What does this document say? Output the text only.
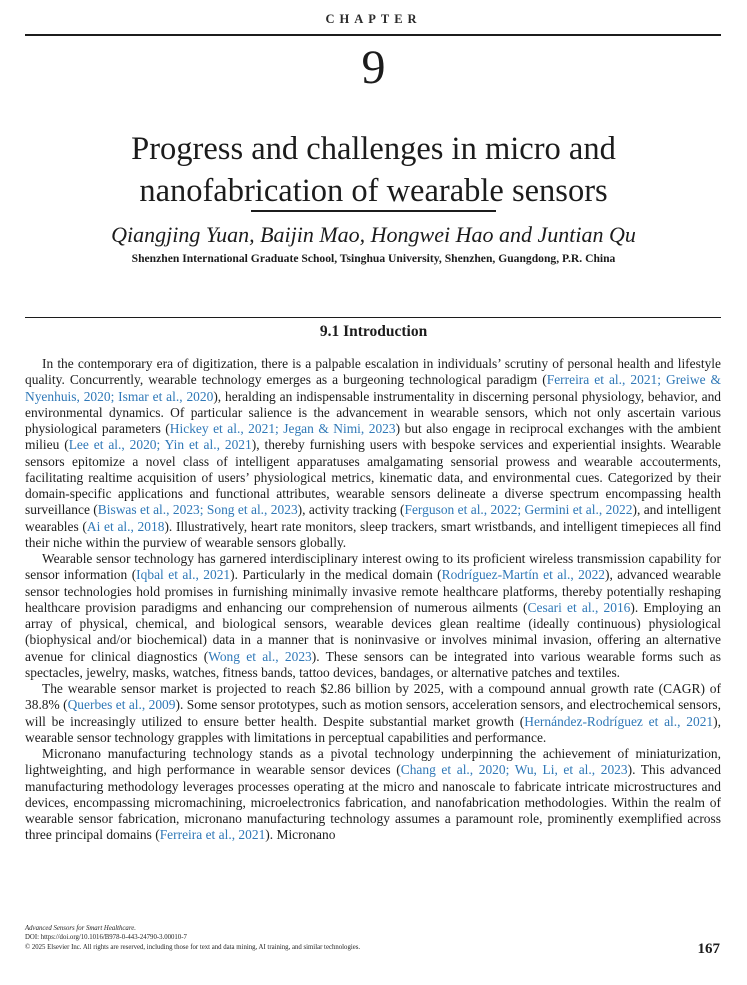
CHAPTER
9
Progress and challenges in micro and
nanofabrication of wearable sensors
Qiangjing Yuan, Baijin Mao, Hongwei Hao and Juntian Qu
Shenzhen International Graduate School, Tsinghua University, Shenzhen, Guangdong, P.R. China
9.1 Introduction

In the contemporary era of digitization, there is a palpable escalation in individuals’ scrutiny of personal health and lifestyle quality. Concurrently, wearable technology emerges as a burgeoning technological paradigm (Ferreira et al., 2021; Greiwe & Nyenhuis, 2020; Ismar et al., 2020), heralding an indispensable instrumentality in discerning personal physiology, behavior, and environmental dynamics. Of particular salience is the advancement in wearable sensors, which not only ascertain various physiological parameters (Hickey et al., 2021; Jegan & Nimi, 2023) but also engage in reciprocal exchanges with the ambient milieu (Lee et al., 2020; Yin et al., 2021), thereby furnishing users with bespoke services and experiential insights. Wearable sensors epitomize a novel class of intelligent apparatuses amalgamating sensorial prowess and wearable accouterments, facilitating realtime acquisition of users’ physiological metrics, kinematic data, and environmental cues. Categorized by their domain-specific applications and functional attributes, wearable sensors delineate a diverse spectrum encompassing health surveillance (Biswas et al., 2023; Song et al., 2023), activity tracking (Ferguson et al., 2022; Germini et al., 2022), and intelligent wearables (Ai et al., 2018). Illustratively, heart rate monitors, sleep trackers, smart wristbands, and intelligent timepieces all find their niche within the purview of wearable sensors globally.

Wearable sensor technology has garnered interdisciplinary interest owing to its proficient wireless transmission capability for sensor information (Iqbal et al., 2021). Particularly in the medical domain (Rodríguez-Martín et al., 2022), advanced wearable sensor technologies hold promises in furnishing minimally invasive remote healthcare platforms, thereby potentially reshaping healthcare provision paradigms and enhancing our comprehension of numerous ailments (Cesari et al., 2016). Employing an array of physical, chemical, and biological sensors, wearable devices glean realtime (ideally continuous) physiological (biophysical and/or biochemical) data in a manner that is noninvasive or involves minimal invasion, offering an alternative avenue for clinical diagnostics (Wong et al., 2023). These sensors can be integrated into various wearable forms such as spectacles, jewelry, masks, watches, fitness bands, tattoo devices, bandages, or alternative patches and textiles.

The wearable sensor market is projected to reach $2.86 billion by 2025, with a compound annual growth rate (CAGR) of 38.8% (Querbes et al., 2009). Some sensor prototypes, such as motion sensors, acceleration sensors, and electrochemical sensors, will be increasingly utilized to ensure better health. Despite substantial market growth (Hernández-Rodríguez et al., 2021), wearable sensor technology grapples with limitations in perceptual capabilities and performance.

Micronano manufacturing technology stands as a pivotal technology underpinning the achievement of miniaturization, lightweighting, and high performance in wearable sensor devices (Chang et al., 2020; Wu, Li, et al., 2023). This advanced manufacturing methodology leverages processes operating at the micro and nanoscale to fabricate intricate microstructures and devices, encompassing micromachining, microelectronics fabrication, and nanofabrication methodologies. Within the realm of wearable sensor fabrication, micronano manufacturing technology assumes a paramount role, prominently exemplified across three principal domains (Ferreira et al., 2021). Micronano

Advanced Sensors for Smart Healthcare.
DOI: https://doi.org/10.1016/B978-0-443-24790-3.00010-7
© 2025 Elsevier Inc. All rights are reserved, including those for text and data mining, AI training, and similar technologies.	167
